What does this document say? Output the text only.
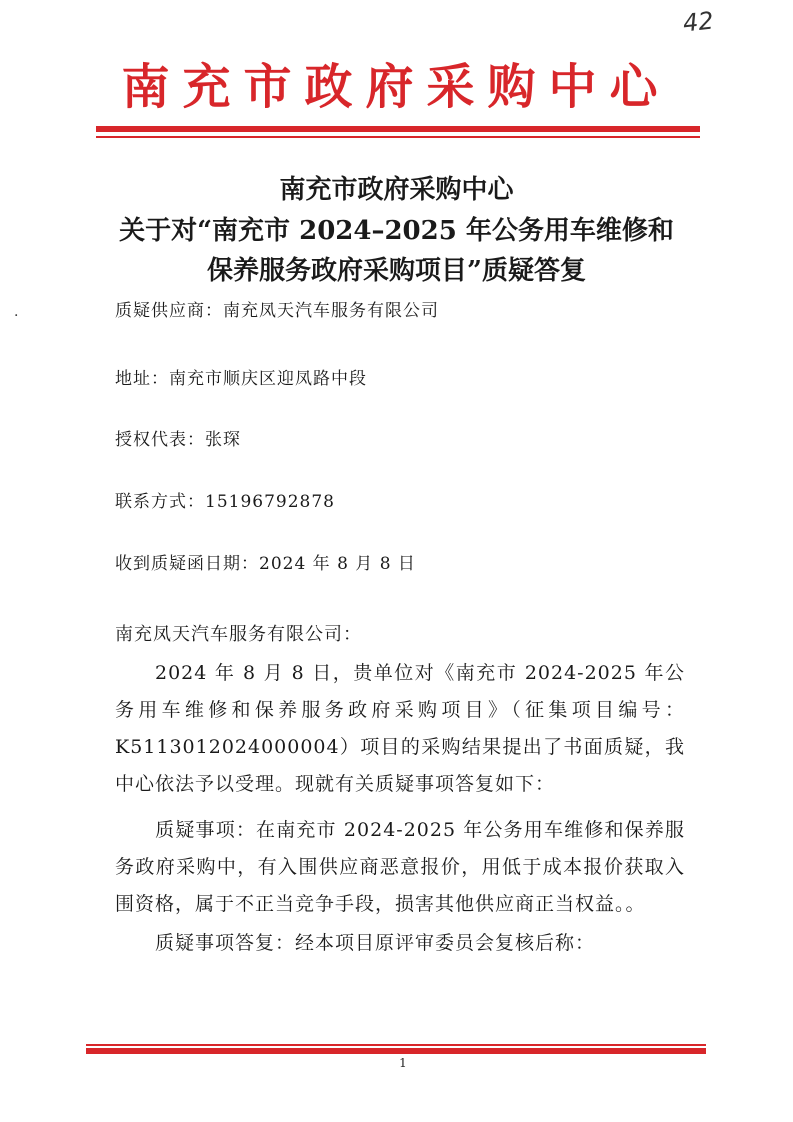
42
·
南充市政府采购中心
南充市政府采购中心
关于对“南充市 2024–2025 年公务用车维修和
保养服务政府采购项目”质疑答复
质疑供应商：南充凤天汽车服务有限公司
地址：南充市顺庆区迎凤路中段
授权代表：张琛
联系方式：15196792878
收到质疑函日期：2024 年 8 月 8 日
南充凤天汽车服务有限公司：
2024 年 8 月 8 日，贵单位对《南充市 2024-2025 年公务用车维修和保养服务政府采购项目》（征集项目编号：K5113012024000004）项目的采购结果提出了书面质疑，我中心依法予以受理。现就有关质疑事项答复如下：
质疑事项：在南充市 2024-2025 年公务用车维修和保养服务政府采购中，有入围供应商恶意报价，用低于成本报价获取入围资格，属于不正当竞争手段，损害其他供应商正当权益。。
质疑事项答复：经本项目原评审委员会复核后称：
1
